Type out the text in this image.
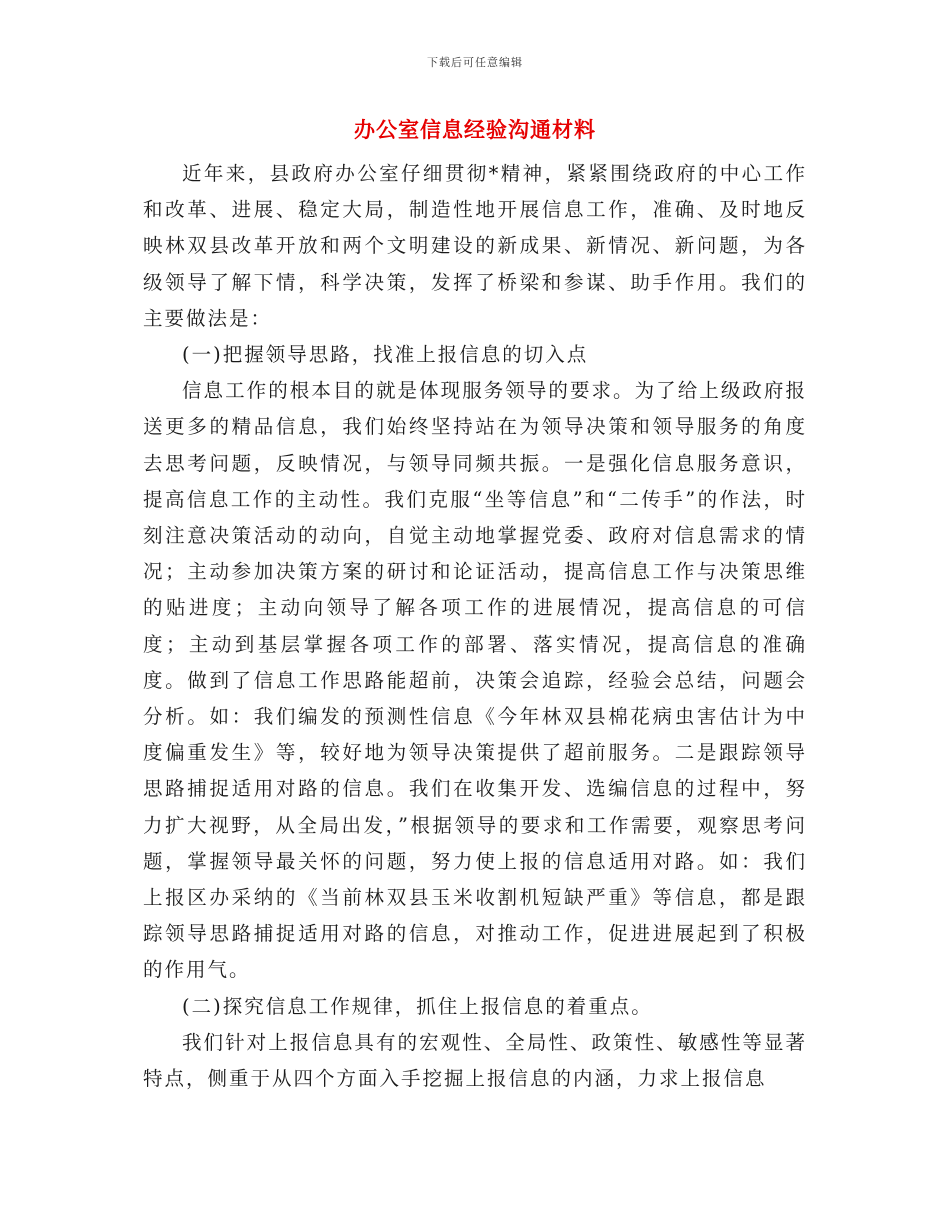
下载后可任意编辑
办公室信息经验沟通材料

近年来，县政府办公室仔细贯彻*精神，紧紧围绕政府的中心工作和改革、进展、稳定大局，制造性地开展信息工作，准确、及时地反映林双县改革开放和两个文明建设的新成果、新情况、新问题，为各级领导了解下情，科学决策，发挥了桥梁和参谋、助手作用。我们的主要做法是：

(一)把握领导思路，找准上报信息的切入点

信息工作的根本目的就是体现服务领导的要求。为了给上级政府报送更多的精品信息，我们始终坚持站在为领导决策和领导服务的角度去思考问题，反映情况，与领导同频共振。一是强化信息服务意识，提高信息工作的主动性。我们克服“坐等信息”和“二传手”的作法，时刻注意决策活动的动向，自觉主动地掌握党委、政府对信息需求的情况；主动参加决策方案的研讨和论证活动，提高信息工作与决策思维的贴进度；主动向领导了解各项工作的进展情况，提高信息的可信度；主动到基层掌握各项工作的部署、落实情况，提高信息的准确度。做到了信息工作思路能超前，决策会追踪，经验会总结，问题会分析。如：我们编发的预测性信息《今年林双县棉花病虫害估计为中度偏重发生》等，较好地为领导决策提供了超前服务。二是跟踪领导思路捕捉适用对路的信息。我们在收集开发、选编信息的过程中，努力扩大视野，从全局出发，”根据领导的要求和工作需要，观察思考问题，掌握领导最关怀的问题，努力使上报的信息适用对路。如：我们上报区办采纳的《当前林双县玉米收割机短缺严重》等信息，都是跟踪领导思路捕捉适用对路的信息，对推动工作，促进进展起到了积极的作用气。

(二)探究信息工作规律，抓住上报信息的着重点。

我们针对上报信息具有的宏观性、全局性、政策性、敏感性等显著特点，侧重于从四个方面入手挖掘上报信息的内涵，力求上报信息
